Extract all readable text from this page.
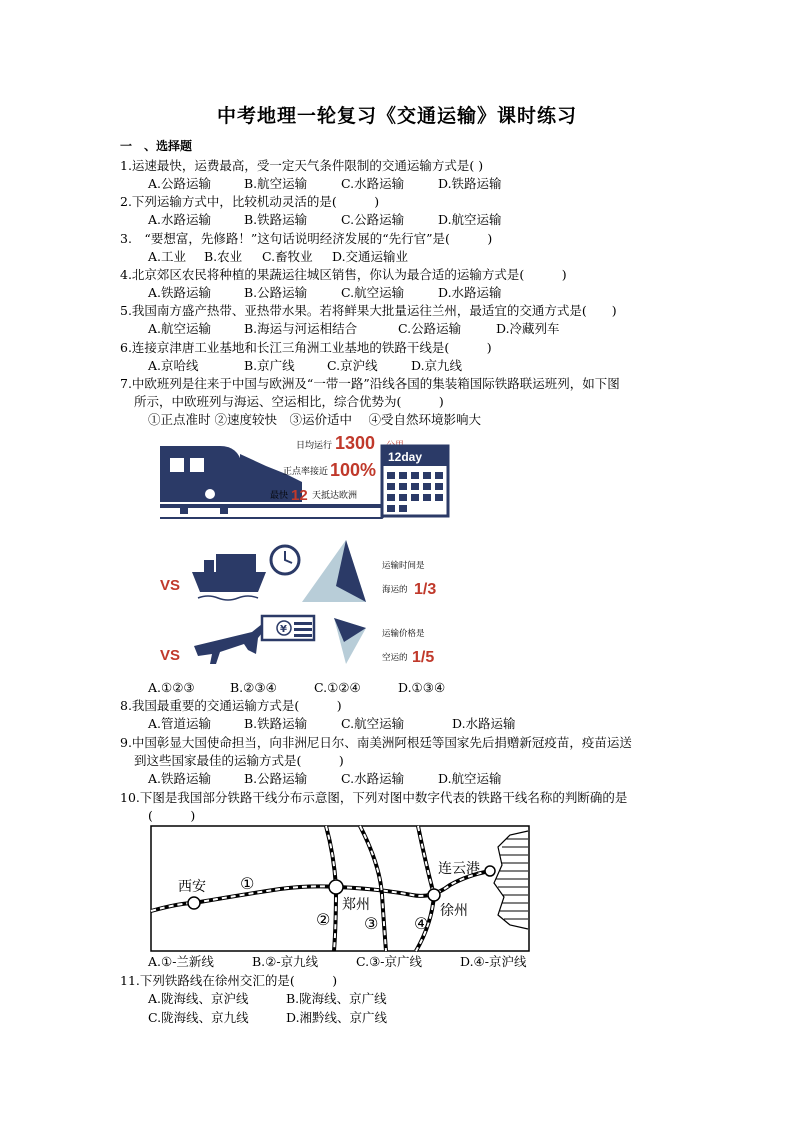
中考地理一轮复习《交通运输》课时练习
一　、选择题
1.运速最快，运费最高，受一定天气条件限制的交通运输方式是( )
A.公路运输	B.航空运输	C.水路运输	D.铁路运输
2.下列运输方式中，比较机动灵活的是(　　　)
A.水路运输	B.铁路运输	C.公路运输	D.航空运输
3.　“要想富，先修路！”这句话说明经济发展的“先行官”是(　　　)
A.工业 B.农业 C.畜牧业 D.交通运输业
4.北京郊区农民将种植的果蔬运往城区销售，你认为最合适的运输方式是(　　　)
A.铁路运输	B.公路运输	C.航空运输	D.水路运输
5.我国南方盛产热带、亚热带水果。若将鲜果大批量运往兰州，最适宜的交通方式是(　　)
A.航空运输	B.海运与河运相结合	C.公路运输	D.冷藏列车
6.连接京津唐工业基地和长江三角洲工业基地的铁路干线是(　　　)
A.京哈线	B.京广线	C.京沪线	D.京九线
7.中欧班列是往来于中国与欧洲及“一带一路”沿线各国的集装箱国际铁路联运班列，如下图
所示，中欧班列与海运、空运相比，综合优势为(　　　)
①正点准时 ②速度较快　③运价适中　 ④受自然环境影响大
日均运行 1300
正点率接近 100%
最快 12 天抵达欧洲
12day
VS
运输时间是
海运的 1/3
VS
¥	运输价格是
空运的 1/5
A.①②③	B.②③④	C.①②④	D.①③④
8.我国最重要的交通运输方式是(　　　)
A.管道运输	B.铁路运输	C.航空运输	D.水路运输
9.中国彰显大国使命担当，向非洲尼日尔、南美洲阿根廷等国家先后捐赠新冠疫苗，疫苗运送
到这些国家最佳的运输方式是(　　　)
A.铁路运输	B.公路运输	C.水路运输	D.航空运输
10.下图是我国部分铁路干线分布示意图，下列对图中数字代表的铁路干线名称的判断确的是
(　　　)
西安
郑州	徐州
连云港
①
② ③ ④
A.①-兰新线	B.②-京九线	C.③-京广线	D.④-京沪线
11.下列铁路线在徐州交汇的是(　　　)
A.陇海线、京沪线	B.陇海线、京广线
C.陇海线、京九线	D.湘黔线、京广线
